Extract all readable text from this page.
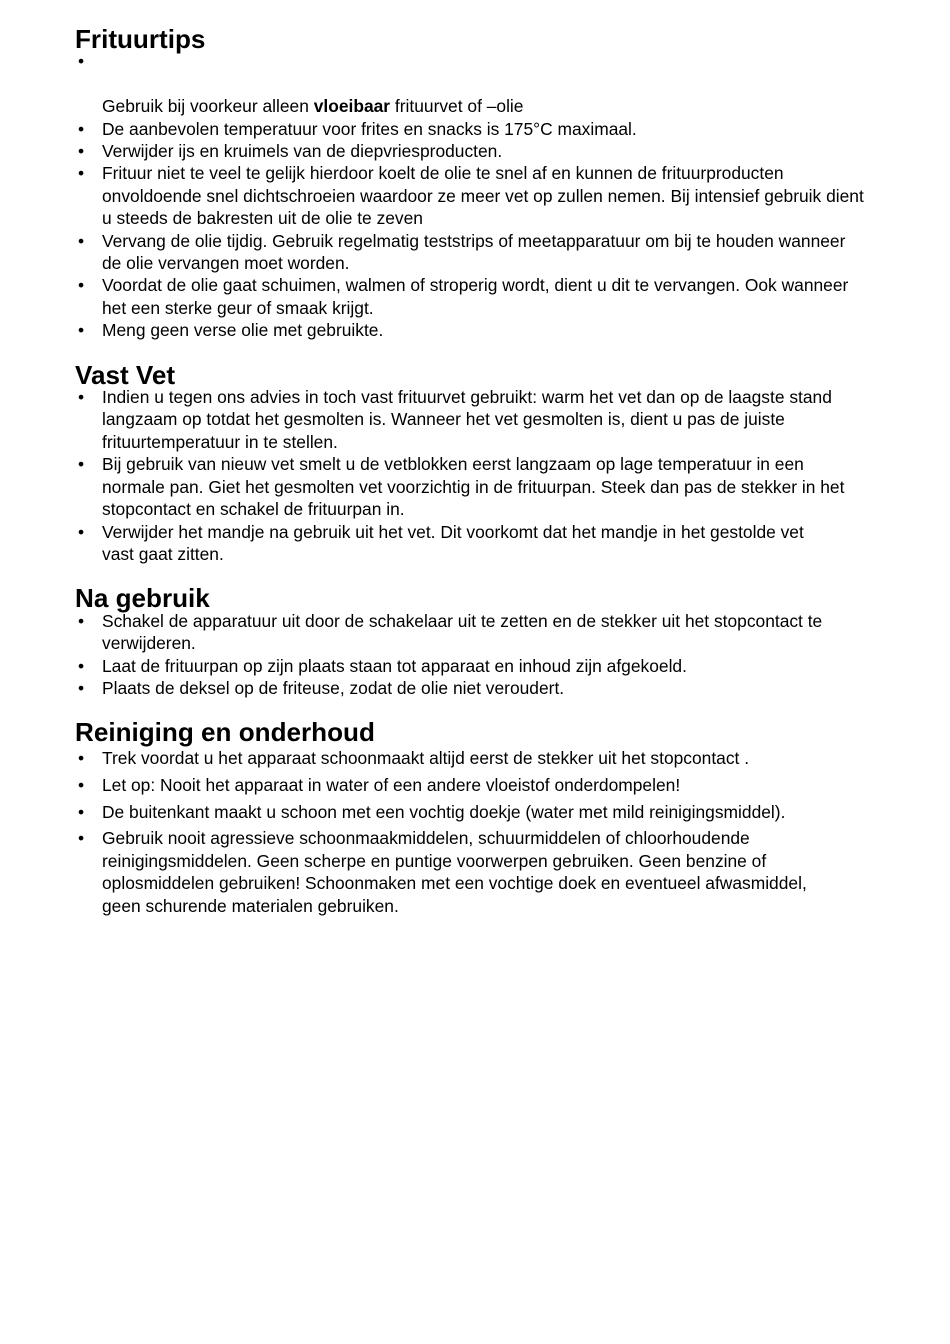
Frituurtips

•

Gebruik bij voorkeur alleen vloeibaar frituurvet of –olie

•
De aanbevolen temperatuur voor frites en snacks is 175°C maximaal.
•
Verwijder ijs en kruimels van de diepvriesproducten.
•
Frituur niet te veel te gelijk hierdoor koelt de olie te snel af en kunnen de frituurproducten
onvoldoende snel dichtschroeien waardoor ze meer vet op zullen nemen. Bij intensief gebruik dient
u steeds de bakresten uit de olie te zeven
•
Vervang de olie tijdig. Gebruik regelmatig teststrips of meetapparatuur om bij te houden wanneer
de olie vervangen moet worden.
•
Voordat de olie gaat schuimen, walmen of stroperig wordt, dient u dit te vervangen. Ook wanneer
het een sterke geur of smaak krijgt.
•
Meng geen verse olie met gebruikte.
Vast Vet
•
Indien u tegen ons advies in toch vast frituurvet gebruikt: warm het vet dan op de laagste stand
langzaam op totdat het gesmolten is. Wanneer het vet gesmolten is, dient u pas de juiste
frituurtemperatuur in te stellen.
•
Bij gebruik van nieuw vet smelt u de vetblokken eerst langzaam op lage temperatuur in een
normale pan. Giet het gesmolten vet voorzichtig in de frituurpan. Steek dan pas de stekker in het
stopcontact en schakel de frituurpan in.
•
Verwijder het mandje na gebruik uit het vet. Dit voorkomt dat het mandje in het gestolde vet
vast gaat zitten.
Na gebruik
•
Schakel de apparatuur uit door de schakelaar uit te zetten en de stekker uit het stopcontact te
verwijderen.
•
Laat de frituurpan op zijn plaats staan tot apparaat en inhoud zijn afgekoeld.
•
Plaats de deksel op de friteuse, zodat de olie niet veroudert.
Reiniging en onderhoud
•
Trek voordat u het apparaat schoonmaakt altijd eerst de stekker uit het stopcontact .
•
Let op: Nooit het apparaat in water of een andere vloeistof onderdompelen!
•
De buitenkant maakt u schoon met een vochtig doekje (water met mild reinigingsmiddel).
•
Gebruik nooit agressieve schoonmaakmiddelen, schuurmiddelen of chloorhoudende
reinigingsmiddelen. Geen scherpe en puntige voorwerpen gebruiken. Geen benzine of
oplosmiddelen gebruiken! Schoonmaken met een vochtige doek en eventueel afwasmiddel,
geen schurende materialen gebruiken.
